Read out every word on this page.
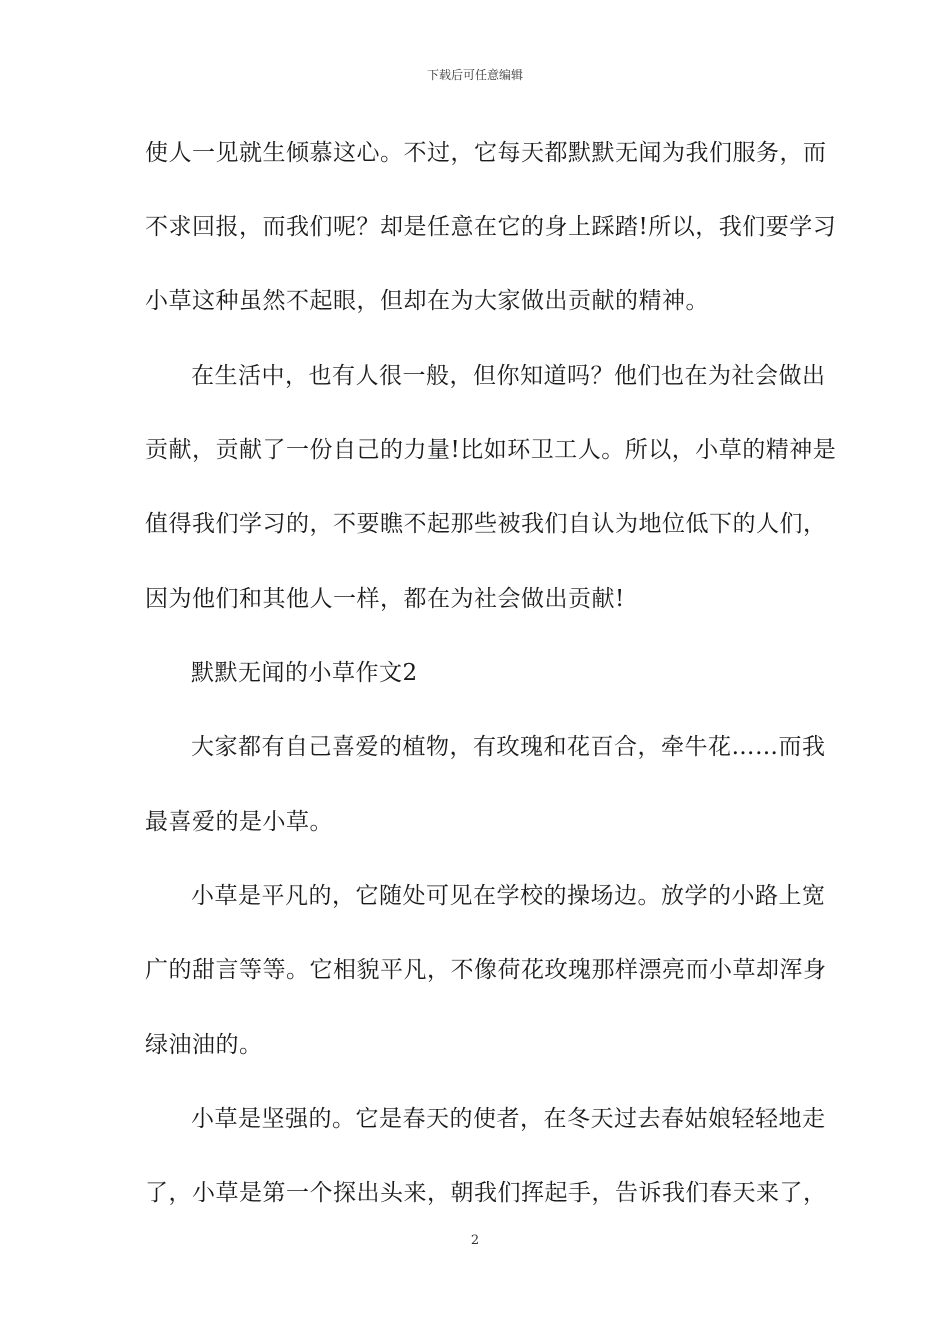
下载后可任意编辑
使人一见就生倾慕这心。不过，它每天都默默无闻为我们服务，而
不求回报，而我们呢？却是任意在它的身上踩踏!所以，我们要学习
小草这种虽然不起眼，但却在为大家做出贡献的精神。
在生活中，也有人很一般，但你知道吗？他们也在为社会做出
贡献，贡献了一份自己的力量!比如环卫工人。所以，小草的精神是
值得我们学习的，不要瞧不起那些被我们自认为地位低下的人们，
因为他们和其他人一样，都在为社会做出贡献!
默默无闻的小草作文2
大家都有自己喜爱的植物，有玫瑰和花百合，牵牛花……而我
最喜爱的是小草。
小草是平凡的，它随处可见在学校的操场边。放学的小路上宽
广的甜言等等。它相貌平凡，不像荷花玫瑰那样漂亮而小草却浑身
绿油油的。
小草是坚强的。它是春天的使者，在冬天过去春姑娘轻轻地走
了，小草是第一个探出头来，朝我们挥起手，告诉我们春天来了，
2
